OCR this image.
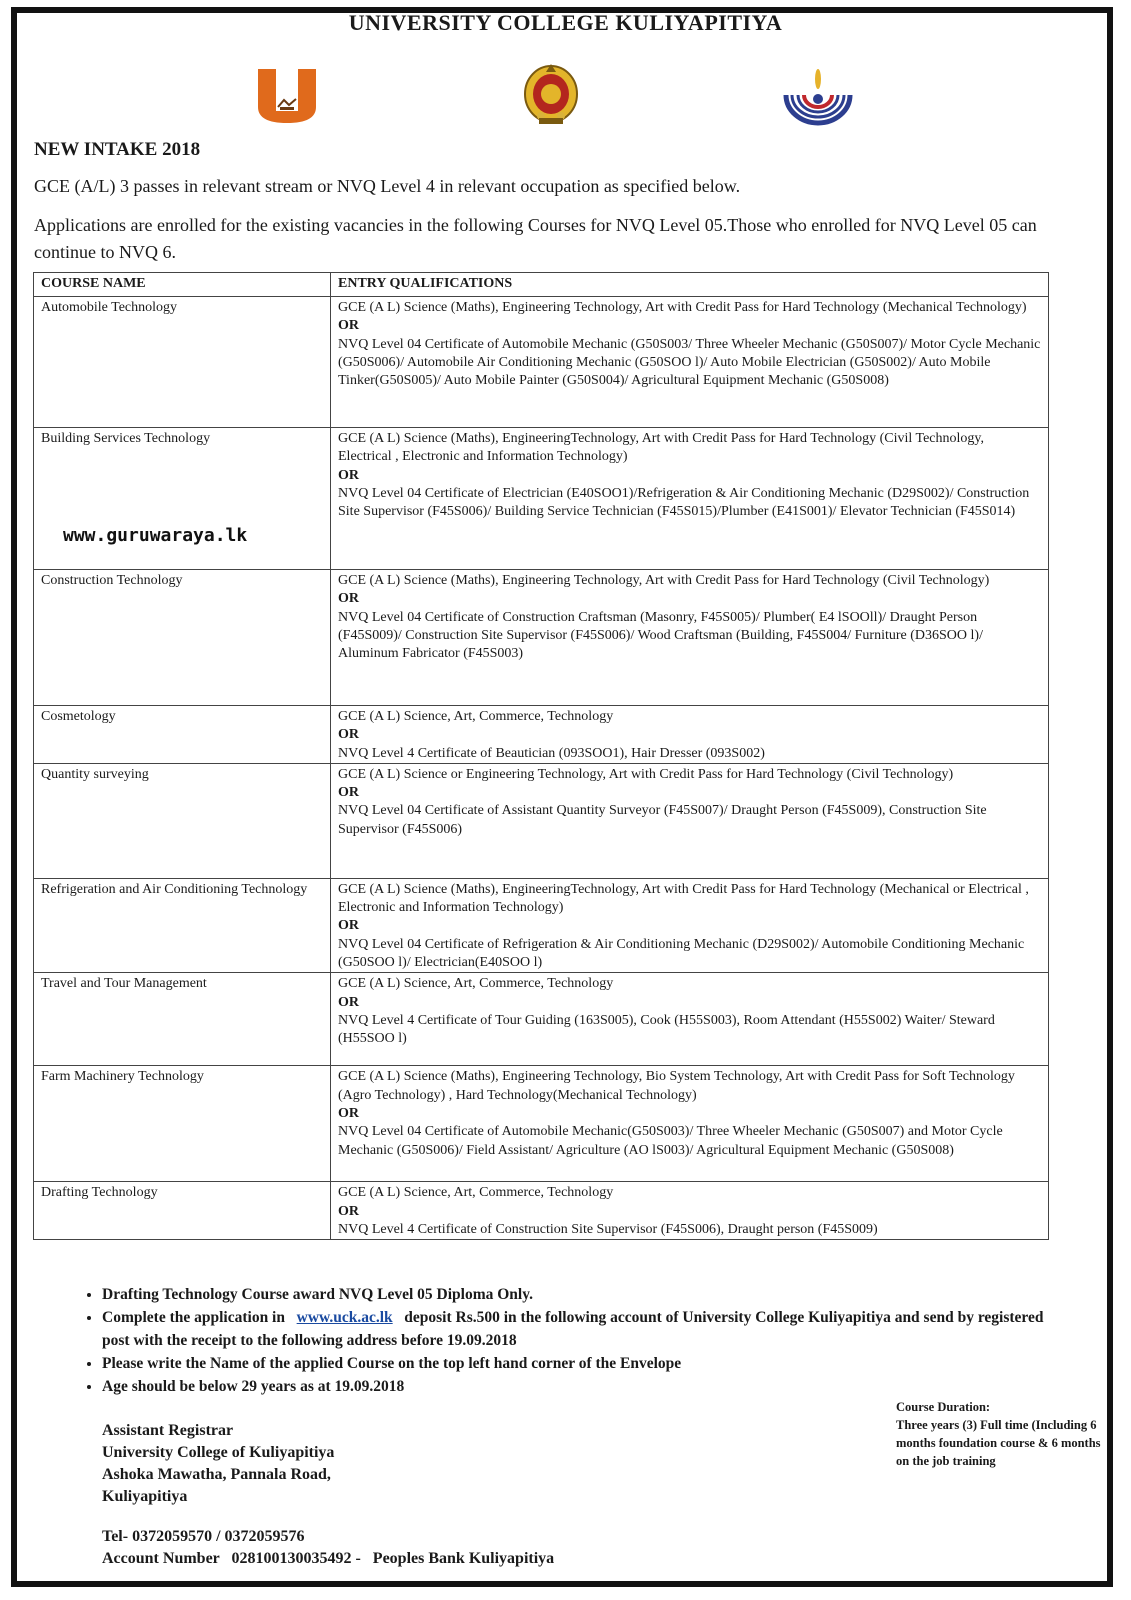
UNIVERSITY COLLEGE KULIYAPITIYA
NEW INTAKE 2018
GCE (A/L) 3 passes in relevant stream or NVQ Level 4 in relevant occupation as specified below.
Applications are enrolled for the existing vacancies in the following Courses for NVQ Level 05.Those who enrolled for NVQ Level 05 can continue to NVQ 6.
COURSE NAME	ENTRY QUALIFICATIONS
Automobile Technology	GCE (A L) Science (Maths), Engineering Technology, Art with Credit Pass for Hard Technology (Mechanical Technology)
OR
NVQ Level 04 Certificate of Automobile Mechanic (G50S003/ Three Wheeler Mechanic (G50S007)/ Motor Cycle Mechanic (G50S006)/ Automobile Air Conditioning Mechanic (G50SOO l)/ Auto Mobile Electrician (G50S002)/ Auto Mobile Tinker(G50S005)/ Auto Mobile Painter (G50S004)/ Agricultural Equipment Mechanic (G50S008)

Building Services Technology	GCE (A L) Science (Maths), EngineeringTechnology, Art with Credit Pass for Hard Technology (Civil Technology, Electrical , Electronic and Information Technology)
OR
NVQ Level 04 Certificate of Electrician (E40SOO1)/Refrigeration & Air Conditioning Mechanic (D29S002)/ Construction Site Supervisor (F45S006)/ Building Service Technician (F45S015)/Plumber (E41S001)/ Elevator Technician (F45S014)

Construction Technology	GCE (A L) Science (Maths), Engineering Technology, Art with Credit Pass for Hard Technology (Civil Technology)
OR
NVQ Level 04 Certificate of Construction Craftsman (Masonry, F45S005)/ Plumber( E4 lSOOll)/ Draught Person (F45S009)/ Construction Site Supervisor (F45S006)/ Wood Craftsman (Building, F45S004/ Furniture (D36SOO l)/ Aluminum Fabricator (F45S003)

Cosmetology	GCE (A L) Science, Art, Commerce, Technology
OR
NVQ Level 4 Certificate of Beautician (093SOO1), Hair Dresser (093S002)

Quantity surveying	GCE (A L) Science or Engineering Technology, Art with Credit Pass for Hard Technology (Civil Technology)
OR
NVQ Level 04 Certificate of Assistant Quantity Surveyor (F45S007)/ Draught Person (F45S009), Construction Site Supervisor (F45S006)

Refrigeration and Air Conditioning Technology	GCE (A L) Science (Maths), EngineeringTechnology, Art with Credit Pass for Hard Technology (Mechanical or Electrical , Electronic and Information Technology)
OR
NVQ Level 04 Certificate of Refrigeration & Air Conditioning Mechanic (D29S002)/ Automobile Conditioning Mechanic (G50SOO l)/ Electrician(E40SOO l)

Travel and Tour Management	GCE (A L) Science, Art, Commerce, Technology
OR
NVQ Level 4 Certificate of Tour Guiding (163S005), Cook (H55S003), Room Attendant (H55S002) Waiter/ Steward (H55SOO l)

Farm Machinery Technology	GCE (A L) Science (Maths), Engineering Technology, Bio System Technology, Art with Credit Pass for Soft Technology (Agro Technology) , Hard Technology(Mechanical Technology)
OR
NVQ Level 04 Certificate of Automobile Mechanic(G50S003)/ Three Wheeler Mechanic (G50S007) and Motor Cycle Mechanic (G50S006)/ Field Assistant/ Agriculture (AO lS003)/ Agricultural Equipment Mechanic (G50S008)

Drafting Technology	GCE (A L) Science, Art, Commerce, Technology
OR
NVQ Level 4 Certificate of Construction Site Supervisor (F45S006), Draught person (F45S009)
www.guruwaraya.lk
• Drafting Technology Course award NVQ Level 05 Diploma Only.
• Complete the application in www.uck.ac.lk deposit Rs.500 in the following account of University College Kuliyapitiya and send by registered post with the receipt to the following address before 19.09.2018
• Please write the Name of the applied Course on the top left hand corner of the Envelope
• Age should be below 29 years as at 19.09.2018
Assistant Registrar
University College of Kuliyapitiya
Ashoka Mawatha, Pannala Road,
Kuliyapitiya
Tel- 0372059570 / 0372059576
Account Number   028100130035492 -   Peoples Bank Kuliyapitiya
Course Duration:
Three years (3) Full time (Including 6 months foundation course & 6 months on the job training
